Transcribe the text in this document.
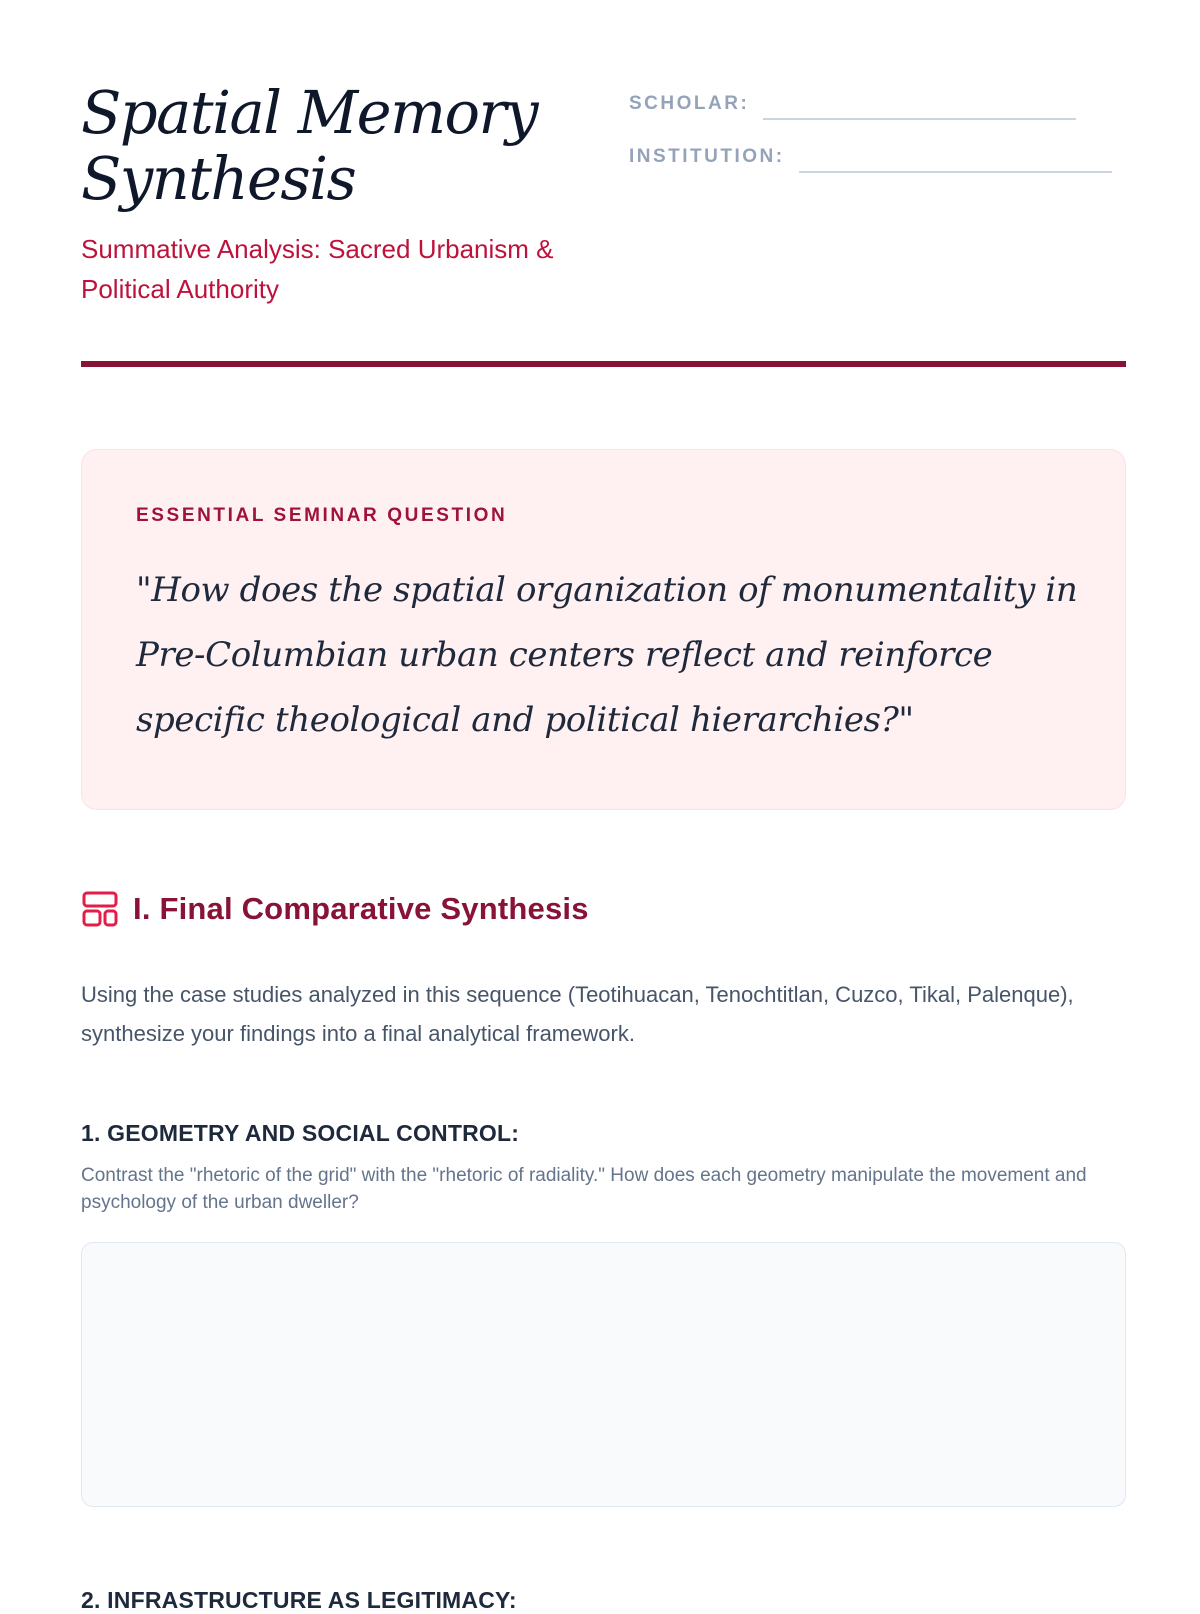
Spatial Memory Synthesis

Summative Analysis: Sacred Urbanism & Political Authority

SCHOLAR:
INSTITUTION:
ESSENTIAL SEMINAR QUESTION

"How does the spatial organization of monumentality in Pre-Columbian urban centers reflect and reinforce specific theological and political hierarchies?"

I. Final Comparative Synthesis

Using the case studies analyzed in this sequence (Teotihuacan, Tenochtitlan, Cuzco, Tikal, Palenque), synthesize your findings into a final analytical framework.

1. GEOMETRY AND SOCIAL CONTROL:

Contrast the "rhetoric of the grid" with the "rhetoric of radiality." How does each geometry manipulate the movement and psychology of the urban dweller?

2. INFRASTRUCTURE AS LEGITIMACY:
